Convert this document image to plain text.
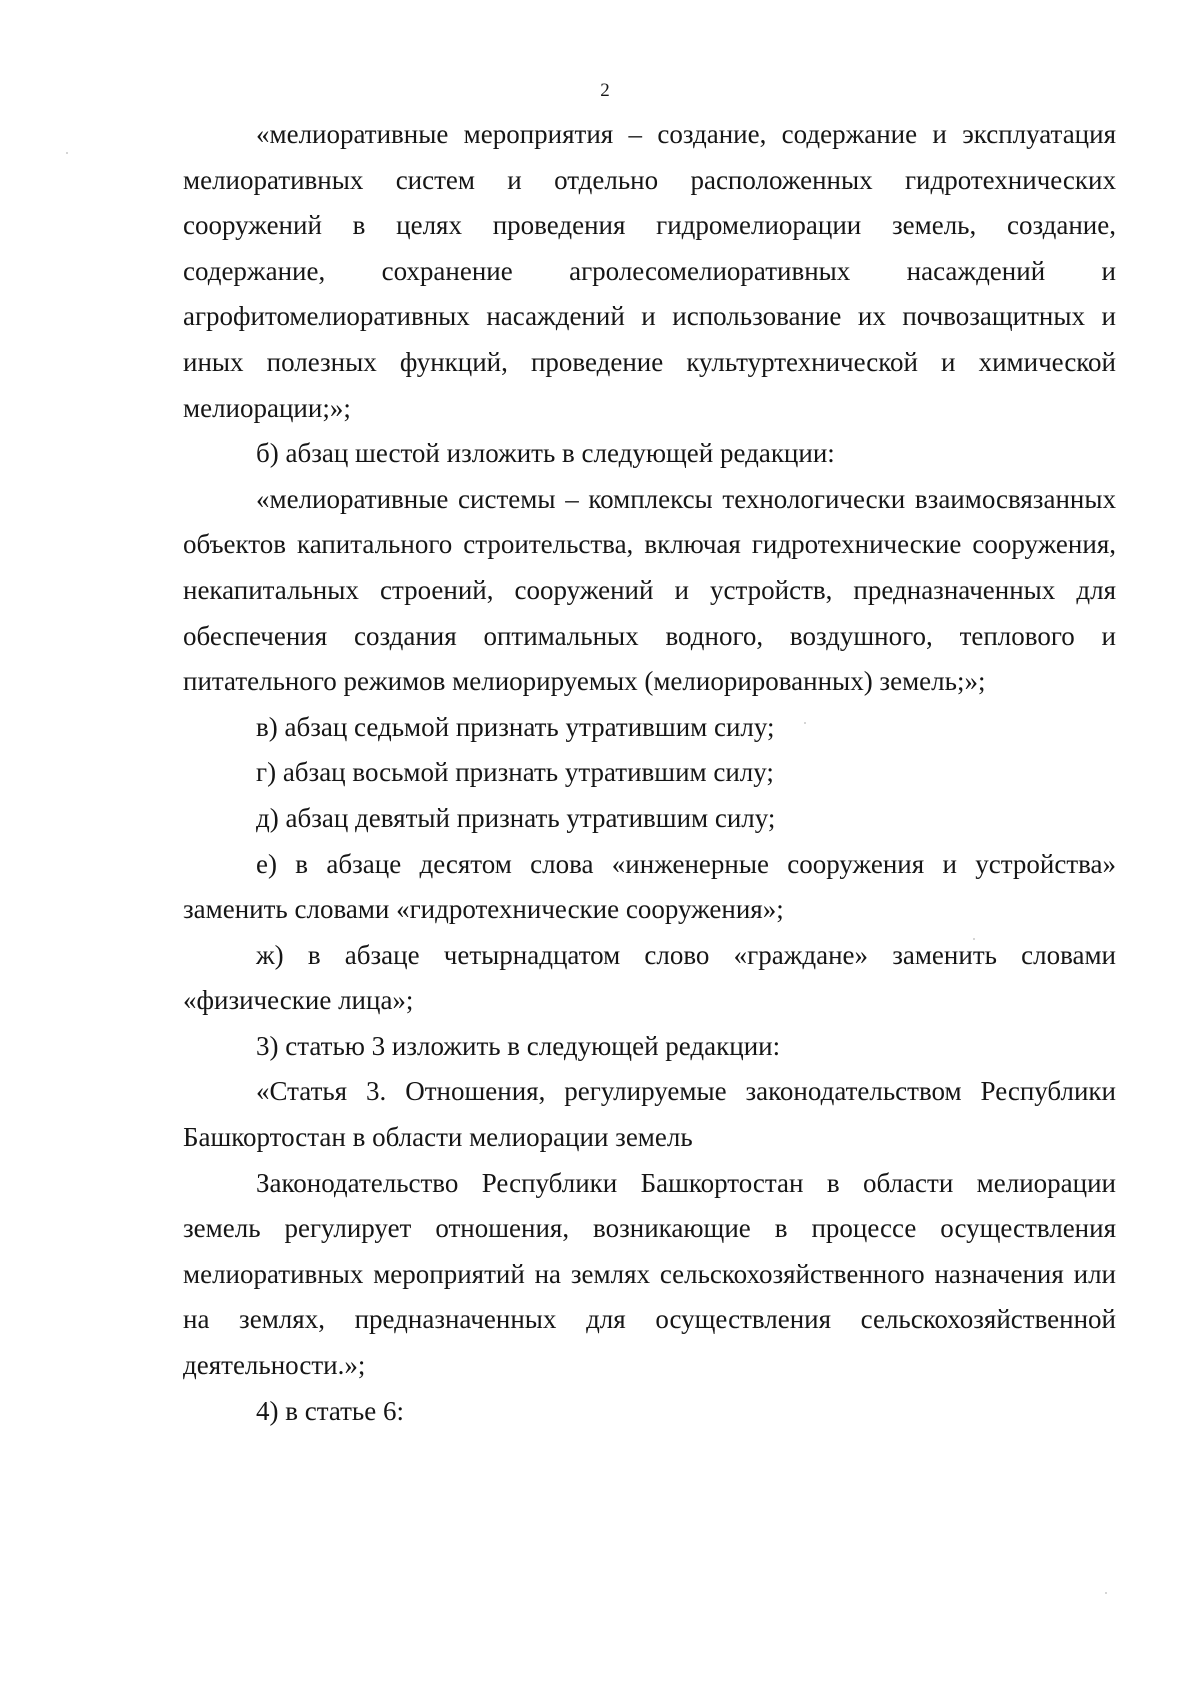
2

«мелиоративные мероприятия – создание, содержание и эксплуатация мелиоративных систем и отдельно расположенных гидротехнических сооружений в целях проведения гидромелиорации земель, создание, содержание, сохранение агролесомелиоративных насаждений и агрофитомелиоративных насаждений и использование их почвозащитных и иных полезных функций, проведение культуртехнической и химической мелиорации;»;

б) абзац шестой изложить в следующей редакции:

«мелиоративные системы – комплексы технологически взаимосвязанных объектов капитального строительства, включая гидротехнические сооружения, некапитальных строений, сооружений и устройств, предназначенных для обеспечения создания оптимальных водного, воздушного, теплового и питательного режимов мелиорируемых (мелиорированных) земель;»;

в) абзац седьмой признать утратившим силу;

г) абзац восьмой признать утратившим силу;

д) абзац девятый признать утратившим силу;

е) в абзаце десятом слова «инженерные сооружения и устройства» заменить словами «гидротехнические сооружения»;

ж) в абзаце четырнадцатом слово «граждане» заменить словами «физические лица»;

3) статью 3 изложить в следующей редакции:

«Статья 3. Отношения, регулируемые законодательством Республики Башкортостан в области мелиорации земель

Законодательство Республики Башкортостан в области мелиорации земель регулирует отношения, возникающие в процессе осуществления мелиоративных мероприятий на землях сельскохозяйственного назначения или на землях, предназначенных для осуществления сельскохозяйственной деятельности.»;

4) в статье 6:
